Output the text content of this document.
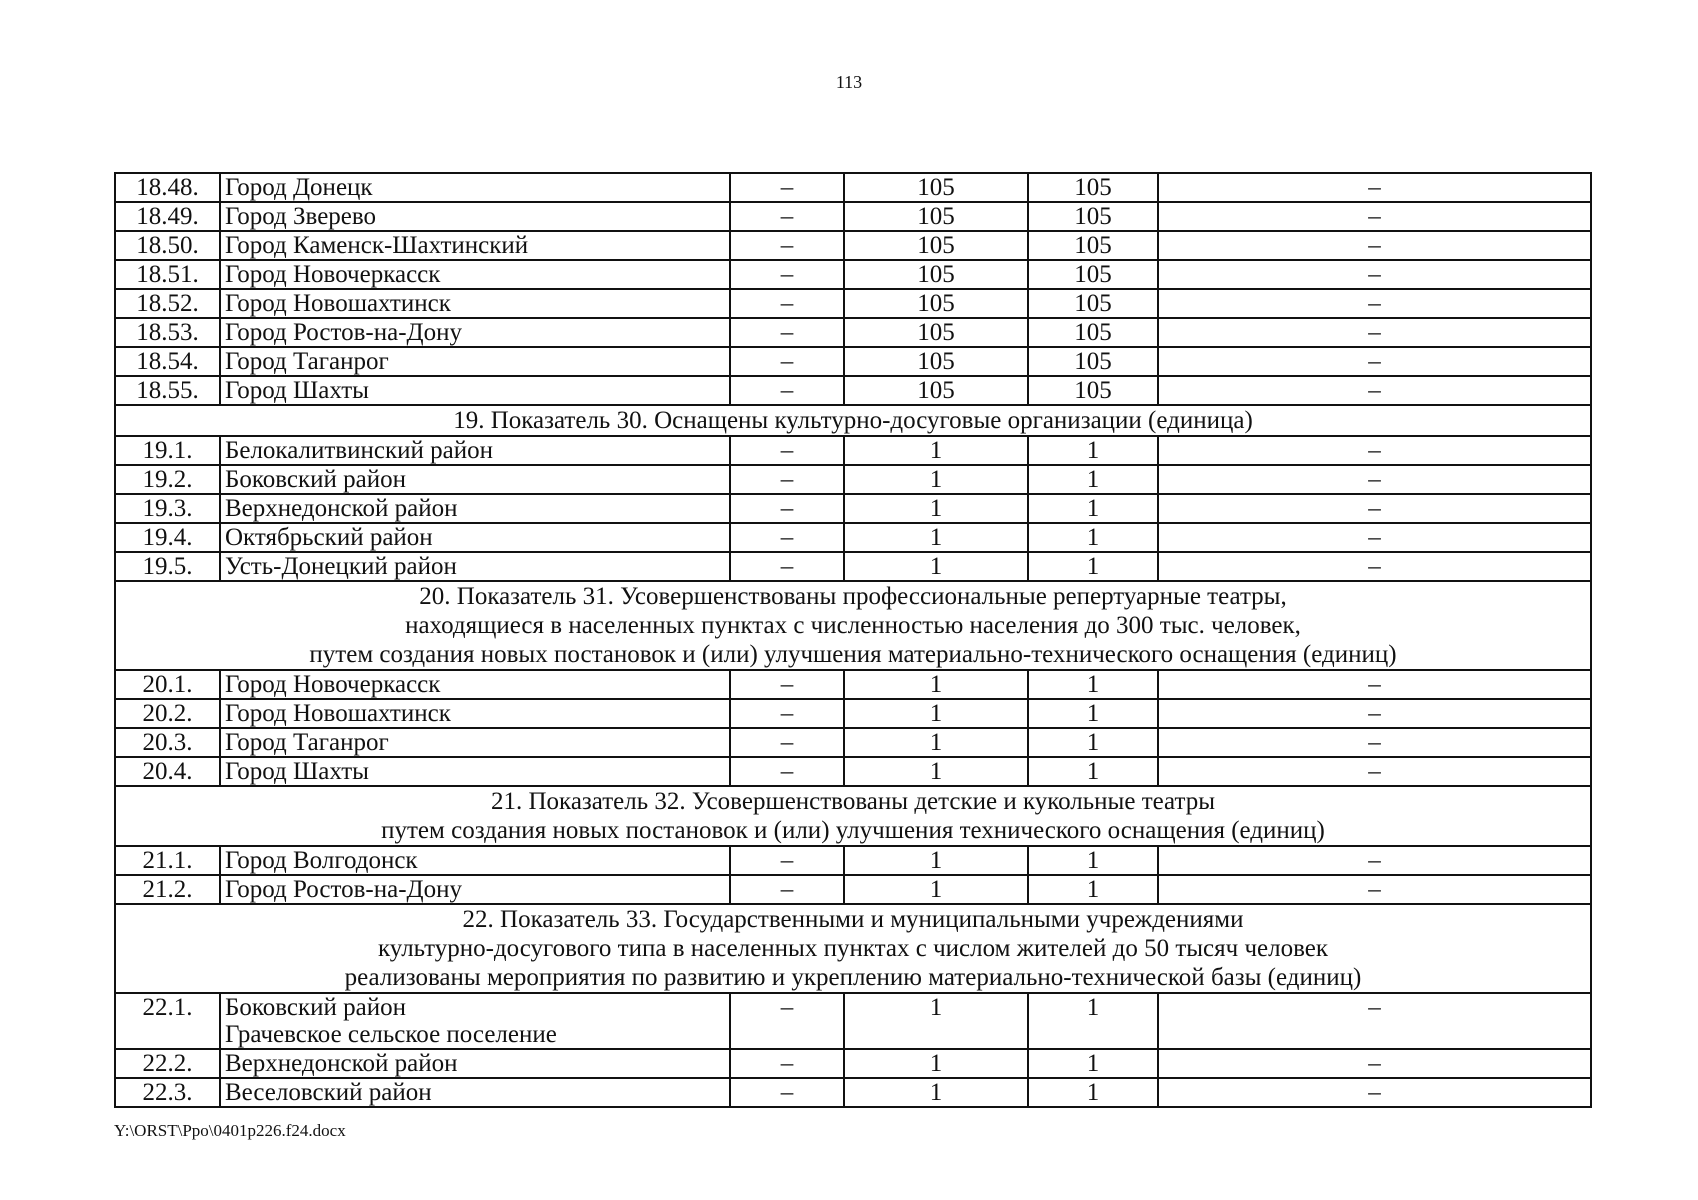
113
18.48.	Город Донецк	–	105	105	–
18.49.	Город Зверево	–	105	105	–
18.50.	Город Каменск-Шахтинский	–	105	105	–
18.51.	Город Новочеркасск	–	105	105	–
18.52.	Город Новошахтинск	–	105	105	–
18.53.	Город Ростов-на-Дону	–	105	105	–
18.54.	Город Таганрог	–	105	105	–
18.55.	Город Шахты	–	105	105	–

19. Показатель 30. Оснащены культурно-досуговые организации (единица)					

19.1.	Белокалитвинский район	–	1	1	–
19.2.	Боковский район	–	1	1	–
19.3.	Верхнедонской район	–	1	1	–
19.4.	Октябрьский район	–	1	1	–
19.5.	Усть-Донецкий район	–	1	1	–

20. Показатель 31. Усовершенствованы профессиональные репертуарные театры,
находящиеся в населенных пунктах с численностью населения до 300 тыс. человек,
путем создания новых постановок и (или) улучшения материально-технического оснащения (единиц)					

20.1.	Город Новочеркасск	–	1	1	–
20.2.	Город Новошахтинск	–	1	1	–
20.3.	Город Таганрог	–	1	1	–
20.4.	Город Шахты	–	1	1	–

21. Показатель 32. Усовершенствованы детские и кукольные театры
путем создания новых постановок и (или) улучшения технического оснащения (единиц)					

21.1.	Город Волгодонск	–	1	1	–
21.2.	Город Ростов-на-Дону	–	1	1	–

22. Показатель 33. Государственными и муниципальными учреждениями
культурно-досугового типа в населенных пунктах с числом жителей до 50 тысяч человек
реализованы мероприятия по развитию и укреплению материально-технической базы (единиц)					

22.1.	Боковский район
Грачевское сельское поселение	–	1	1	–
22.2.	Верхнедонской район	–	1	1	–
22.3.	Веселовский район	–	1	1	–
Y:\ORST\Ppo\0401p226.f24.docx
